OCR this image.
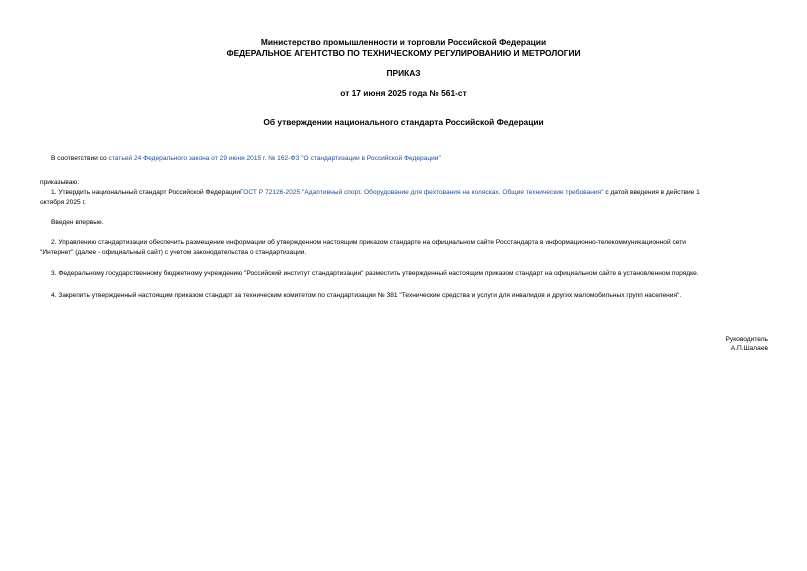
Министерство промышленности и торговли Российской Федерации
ФЕДЕРАЛЬНОЕ АГЕНТСТВО ПО ТЕХНИЧЕСКОМУ РЕГУЛИРОВАНИЮ И МЕТРОЛОГИИ
ПРИКАЗ
от 17 июня 2025 года № 561-ст
Об утверждении национального стандарта Российской Федерации
В соответствии со статьей 24 Федерального закона от 29 июня 2015 г. № 162-ФЗ "О стандартизации в Российской Федерации"
приказываю:
1. Утвердить национальный стандарт Российской ФедерацииГОСТ Р 72126-2025 "Адаптивный спорт. Оборудование для фехтования на колясках. Общие технические требования" с датой введения в действие 1
октября 2025 г.
Введен впервые.
2. Управлению стандартизации обеспечить размещение информации об утвержденном настоящим приказом стандарте на официальном сайте Росстандарта в информационно-телекоммуникационной сети
"Интернет" (далее - официальный сайт) с учетом законодательства о стандартизации.
3. Федеральному государственному бюджетному учреждению "Российский институт стандартизации" разместить утвержденный настоящим приказом стандарт на официальном сайте в установленном порядке.
4. Закрепить утвержденный настоящим приказом стандарт за техническим комитетом по стандартизации № 381 "Технические средства и услуги для инвалидов и других маломобильных групп населения".
Руководитель
А.П.Шалаев
